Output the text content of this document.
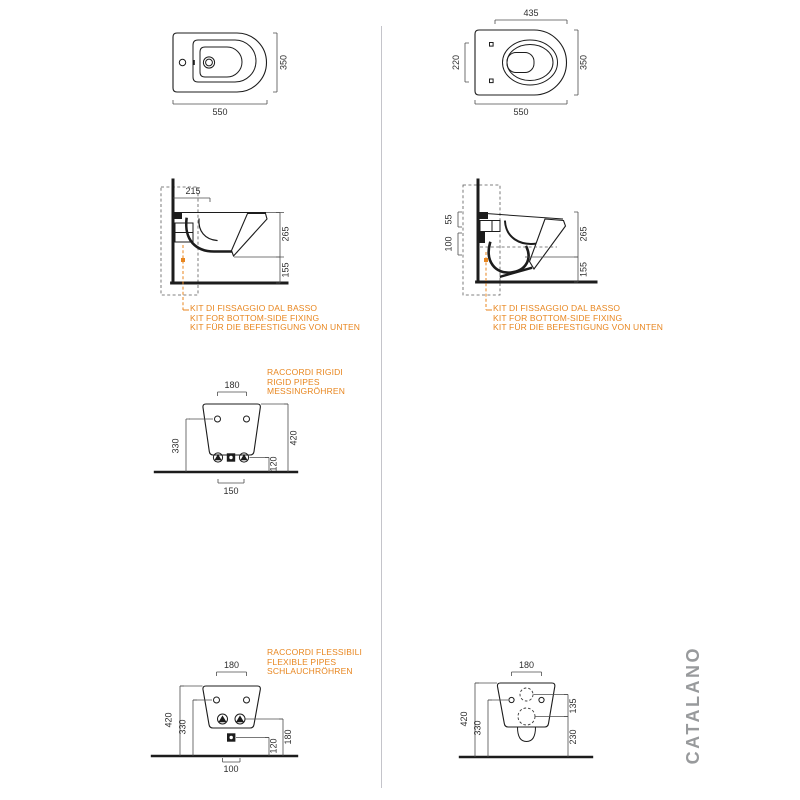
550
350
435
220
550
350
215
265
155
KIT DI FISSAGGIO DAL BASSO
KIT FOR BOTTOM-SIDE FIXING
KIT FÜR DIE BEFESTIGUNG VON UNTEN
55
100
265
155
KIT DI FISSAGGIO DAL BASSO
KIT FOR BOTTOM-SIDE FIXING
KIT FÜR DIE BEFESTIGUNG VON UNTEN
180
330
420
120
150
RACCORDI RIGIDI
RIGID PIPES
MESSINGRÖHREN
180
420 330
180
120
100
RACCORDI FLESSIBILI
FLEXIBLE PIPES
SCHLAUCHRÖHREN
180
420
330
135
230	CATALANO
